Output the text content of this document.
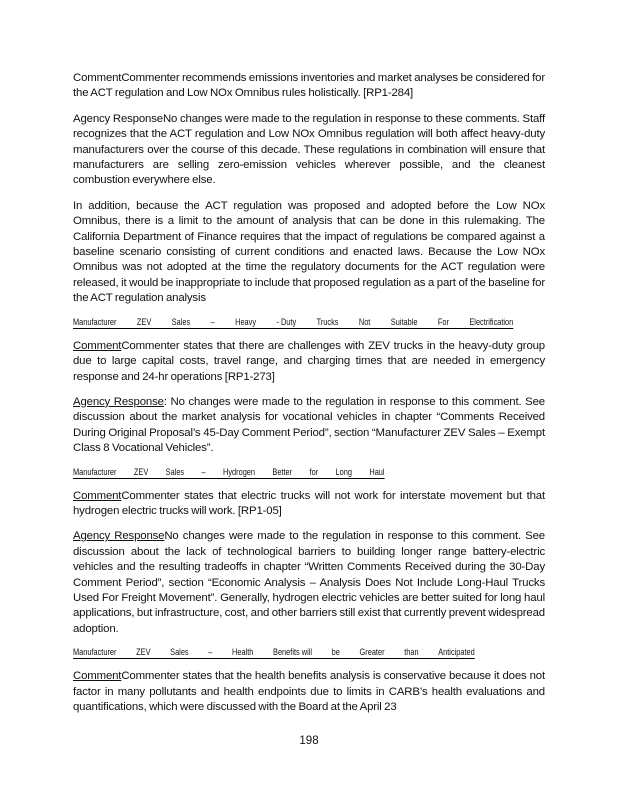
CommentCommenter recommends emissions inventories and market analyses be considered for the ACT regulation and Low NOx Omnibus rules holistically. [RP1-284]

Agency ResponseNo changes were made to the regulation in response to these comments. Staff recognizes that the ACT regulation and Low NOx Omnibus regulation will both affect heavy-duty manufacturers over the course of this decade. These regulations in combination will ensure that manufacturers are selling zero-emission vehicles wherever possible, and the cleanest combustion everywhere else.

In addition, because the ACT regulation was proposed and adopted before the Low NOx Omnibus, there is a limit to the amount of analysis that can be done in this rulemaking. The California Department of Finance requires that the impact of regulations be compared against a baseline scenario consisting of current conditions and enacted laws. Because the Low NOx Omnibus was not adopted at the time the regulatory documents for the ACT regulation were released, it would be inappropriate to include that proposed regulation as a part of the baseline for the ACT regulation analysis

Manufacturer ZEV Sales – Heavy - Duty Trucks Not Suitable For Electrification

CommentCommenter states that there are challenges with ZEV trucks in the heavy-duty group due to large capital costs, travel range, and charging times that are needed in emergency response and 24-hr operations [RP1-273]

Agency Response: No changes were made to the regulation in response to this comment. See discussion about the market analysis for vocational vehicles in chapter “Comments Received During Original Proposal’s 45-Day Comment Period”, section “Manufacturer ZEV Sales – Exempt Class 8 Vocational Vehicles”.

Manufacturer ZEV Sales – Hydrogen Better for Long Haul

CommentCommenter states that electric trucks will not work for interstate movement but that hydrogen electric trucks will work. [RP1-05]

Agency ResponseNo changes were made to the regulation in response to this comment. See discussion about the lack of technological barriers to building longer range battery-electric vehicles and the resulting tradeoffs in chapter “Written Comments Received during the 30-Day Comment Period”, section “Economic Analysis – Analysis Does Not Include Long-Haul Trucks Used For Freight Movement”. Generally, hydrogen electric vehicles are better suited for long haul applications, but infrastructure, cost, and other barriers still exist that currently prevent widespread adoption.

Manufacturer ZEV Sales – Health Benefits will be Greater than Anticipated

CommentCommenter states that the health benefits analysis is conservative because it does not factor in many pollutants and health endpoints due to limits in CARB’s health evaluations and quantifications, which were discussed with the Board at the April 23

198
